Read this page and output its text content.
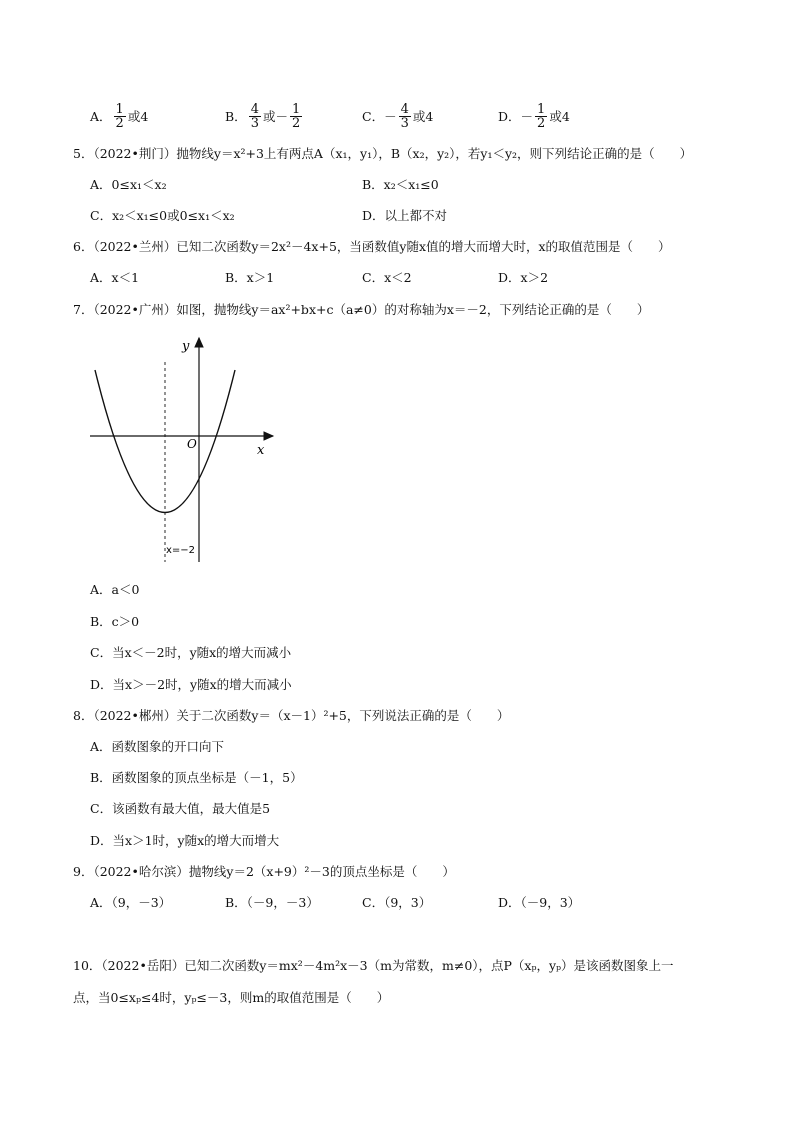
A． $\frac{1}{2}$ 或4	B． $\frac{4}{3}$ 或－ $\frac{1}{2}$	C． － $\frac{4}{3}$ 或4	D． － $\frac{1}{2}$ 或4
5．（2022•荆门）抛物线y＝x²+3上有两点A（x₁，y₁），B（x₂，y₂），若y₁＜y₂，则下列结论正确的是（　　）
A．0≤x₁＜x₂	B．x₂＜x₁≤0
C．x₂＜x₁≤0或0≤x₁＜x₂	D．以上都不对
6．（2022•兰州）已知二次函数y＝2x²－4x+5，当函数值y随x值的增大而增大时，x的取值范围是（　　）
A．x＜1	B．x＞1	C．x＜2	D．x＞2
7．（2022•广州）如图，抛物线y＝ax²+bx+c（a≠0）的对称轴为x＝－2，下列结论正确的是（　　）
y
x
O
x=−2
A．a＜0
B．c＞0
C．当x＜－2时，y随x的增大而减小
D．当x＞－2时，y随x的增大而减小
8．（2022•郴州）关于二次函数y＝（x－1）²+5，下列说法正确的是（　　）
A．函数图象的开口向下
B．函数图象的顶点坐标是（－1，5）
C．该函数有最大值，最大值是5
D．当x＞1时，y随x的增大而增大
9．（2022•哈尔滨）抛物线y＝2（x+9）²－3的顶点坐标是（　　）
A．（9，－3）	B．（－9，－3）	C．（9，3）	D．（－9，3）
10．（2022•岳阳）已知二次函数y＝mx²－4m²x－3（m为常数，m≠0），点P（xₚ，yₚ）是该函数图象上一
点，当0≤xₚ≤4时，yₚ≤－3，则m的取值范围是（　　）
